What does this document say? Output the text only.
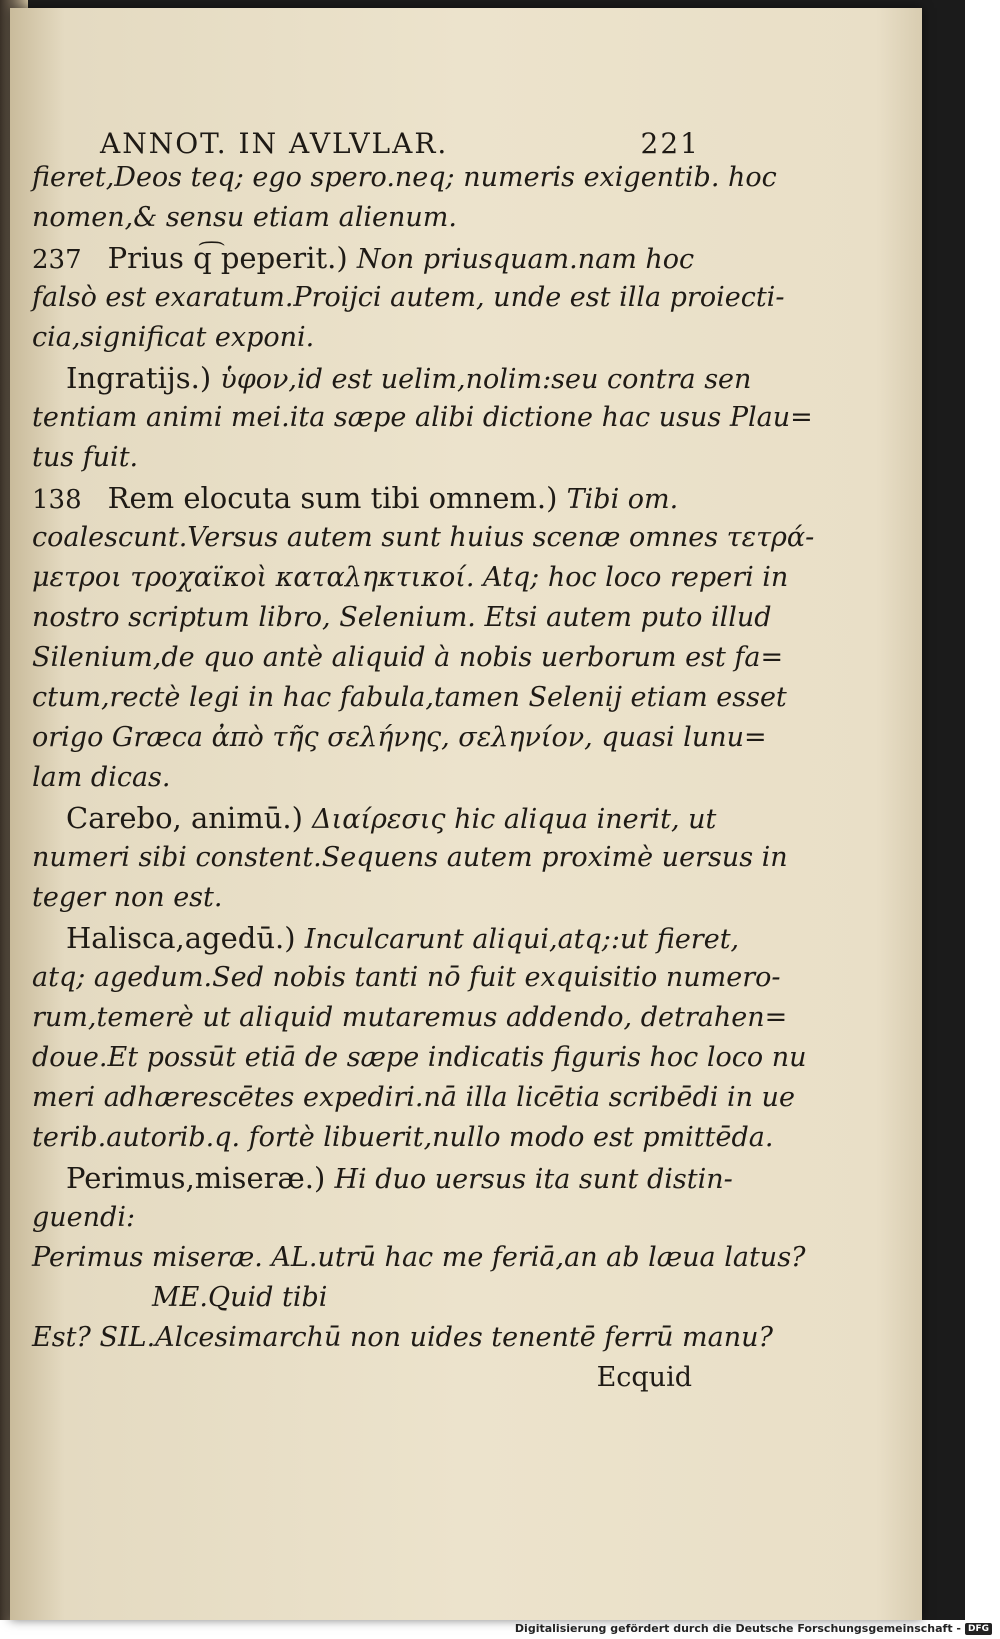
ANNOT. IN AVLVLAR.	221
fieret,Deos teq; ego spero.neq; numeris exigentib. hoc
nomen,& sensu etiam alienum.
237 Prius q͡ peperit.) Non priusquam.nam hoc
falsò est exaratum.Proijci autem, unde est illa proiecti-
cia,significat exponi.
Ingratijs.) ὑφον,id est uelim,nolim:seu contra sen
tentiam animi mei.ita sæpe alibi dictione hac usus Plau=
tus fuit.
138 Rem elocuta sum tibi omnem.) Tibi om.
coalescunt.Versus autem sunt huius scenæ omnes τετρά-
μετροι τροχαϊκοὶ καταληκτικοί. Atq; hoc loco reperi in
nostro scriptum libro, Selenium. Etsi autem puto illud
Silenium,de quo antè aliquid à nobis uerborum est fa=
ctum,rectè legi in hac fabula,tamen Selenij etiam esset
origo Græca ἀπὸ τῆς σελήνης, σεληνίον, quasi lunu=
lam dicas.
Carebo, animū.) Διαίρεσις hic aliqua inerit, ut
numeri sibi constent.Sequens autem proximè uersus in
teger non est.
Halisca,agedū.) Inculcarunt aliqui,atq;:ut fieret,
atq; agedum.Sed nobis tanti nō fuit exquisitio numero-
rum,temerè ut aliquid mutaremus addendo, detrahen=
doue.Et possūt etiā de sæpe indicatis figuris hoc loco nu
meri adhærescētes expediri.nā illa licētia scribēdi in ue
terib.autorib.q. fortè libuerit,nullo modo est pmittēda.
Perimus,miseræ.) Hi duo uersus ita sunt distin-
guendi:
Perimus miseræ. AL.utrū hac me feriā,an ab læua latus?
ME.Quid tibi
Est? SIL.Alcesimarchū non uides tenentē ferrū manu?
Ecquid
Digitalisierung gefördert durch die Deutsche Forschungsgemeinschaft - DFG
